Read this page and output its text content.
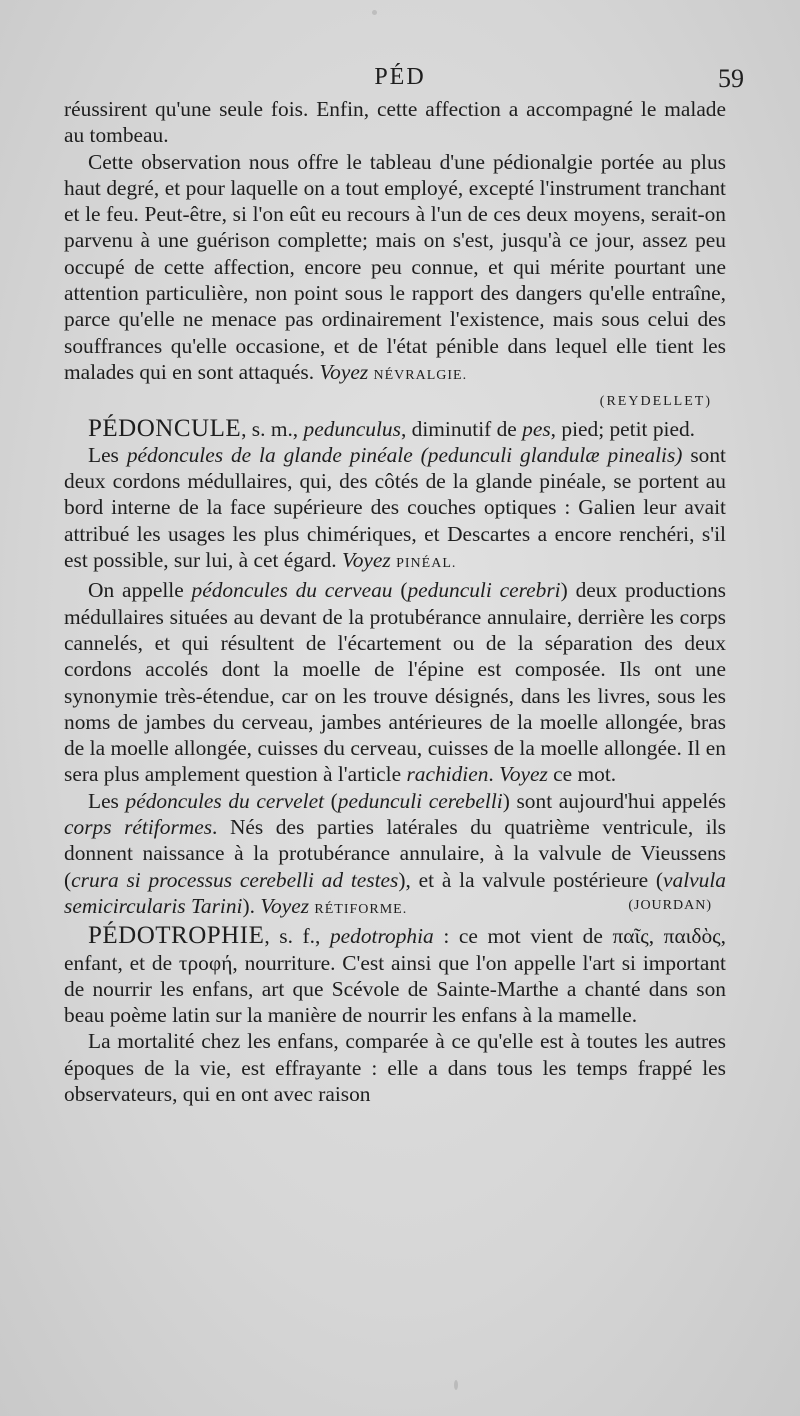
PÉD	59

réussirent qu'une seule fois. Enfin, cette affection a accompagné le malade au tombeau.

Cette observation nous offre le tableau d'une pédionalgie portée au plus haut degré, et pour laquelle on a tout employé, excepté l'instrument tranchant et le feu. Peut-être, si l'on eût eu recours à l'un de ces deux moyens, serait-on parvenu à une guérison complette; mais on s'est, jusqu'à ce jour, assez peu occupé de cette affection, encore peu connue, et qui mérite pourtant une attention particulière, non point sous le rapport des dangers qu'elle entraîne, parce qu'elle ne menace pas ordinairement l'existence, mais sous celui des souffrances qu'elle occasione, et de l'état pénible dans lequel elle tient les malades qui en sont attaqués. Voyez NÉVRALGIE.

(REYDELLET)

PÉDONCULE, s. m., pedunculus, diminutif de pes, pied; petit pied.

Les pédoncules de la glande pinéale (pedunculi glandulæ pinealis) sont deux cordons médullaires, qui, des côtés de la glande pinéale, se portent au bord interne de la face supérieure des couches optiques : Galien leur avait attribué les usages les plus chimériques, et Descartes a encore renchéri, s'il est possible, sur lui, à cet égard. Voyez PINÉAL.

On appelle pédoncules du cerveau (pedunculi cerebri) deux productions médullaires situées au devant de la protubérance annulaire, derrière les corps cannelés, et qui résultent de l'écartement ou de la séparation des deux cordons accolés dont la moelle de l'épine est composée. Ils ont une synonymie très-étendue, car on les trouve désignés, dans les livres, sous les noms de jambes du cerveau, jambes antérieures de la moelle allongée, bras de la moelle allongée, cuisses du cerveau, cuisses de la moelle allongée. Il en sera plus amplement question à l'article rachidien. Voyez ce mot.

Les pédoncules du cervelet (pedunculi cerebelli) sont aujourd'hui appelés corps rétiformes. Nés des parties latérales du quatrième ventricule, ils donnent naissance à la protubérance annulaire, à la valvule de Vieussens (crura si processus cerebelli ad testes), et à la valvule postérieure (valvula semicircularis Tarini). Voyez RÉTIFORME.	(JOURDAN)

PÉDOTROPHIE, s. f., pedotrophia : ce mot vient de παῖς, παιδὸς, enfant, et de τροφή, nourriture. C'est ainsi que l'on appelle l'art si important de nourrir les enfans, art que Scévole de Sainte-Marthe a chanté dans son beau poème latin sur la manière de nourrir les enfans à la mamelle.

La mortalité chez les enfans, comparée à ce qu'elle est à toutes les autres époques de la vie, est effrayante : elle a dans tous les temps frappé les observateurs, qui en ont avec raison
